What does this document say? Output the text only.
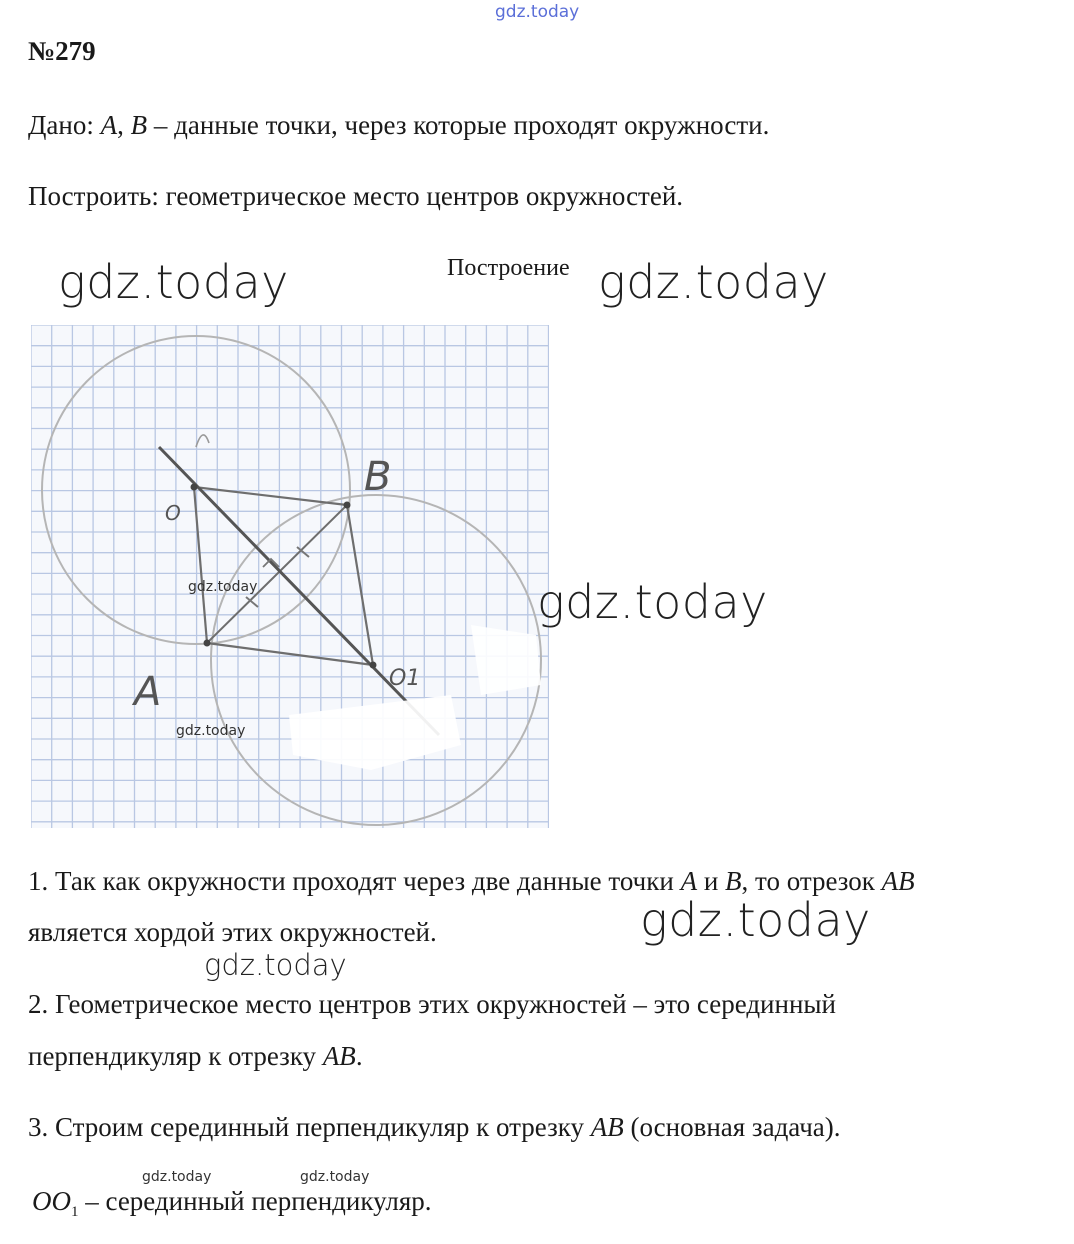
gdz.today
№279
Дано: A, B – данные точки, через которые проходят окружности.
Построить: геометрическое место центров окружностей.
gdz.today	Построение gdz.today
B
O
A	O1
gdz.today
gdz.today
gdz.today
1. Так как окружности проходят через две данные точки A и B, то отрезок AB
является хордой этих окружностей.	gdz.today
gdz.today
2. Геометрическое место центров этих окружностей – это серединный
перпендикуляр к отрезку AB.
3. Строим серединный перпендикуляр к отрезку AB (основная задача).
gdz.today	gdz.today
$OO_1$ – серединный перпендикуляр.
